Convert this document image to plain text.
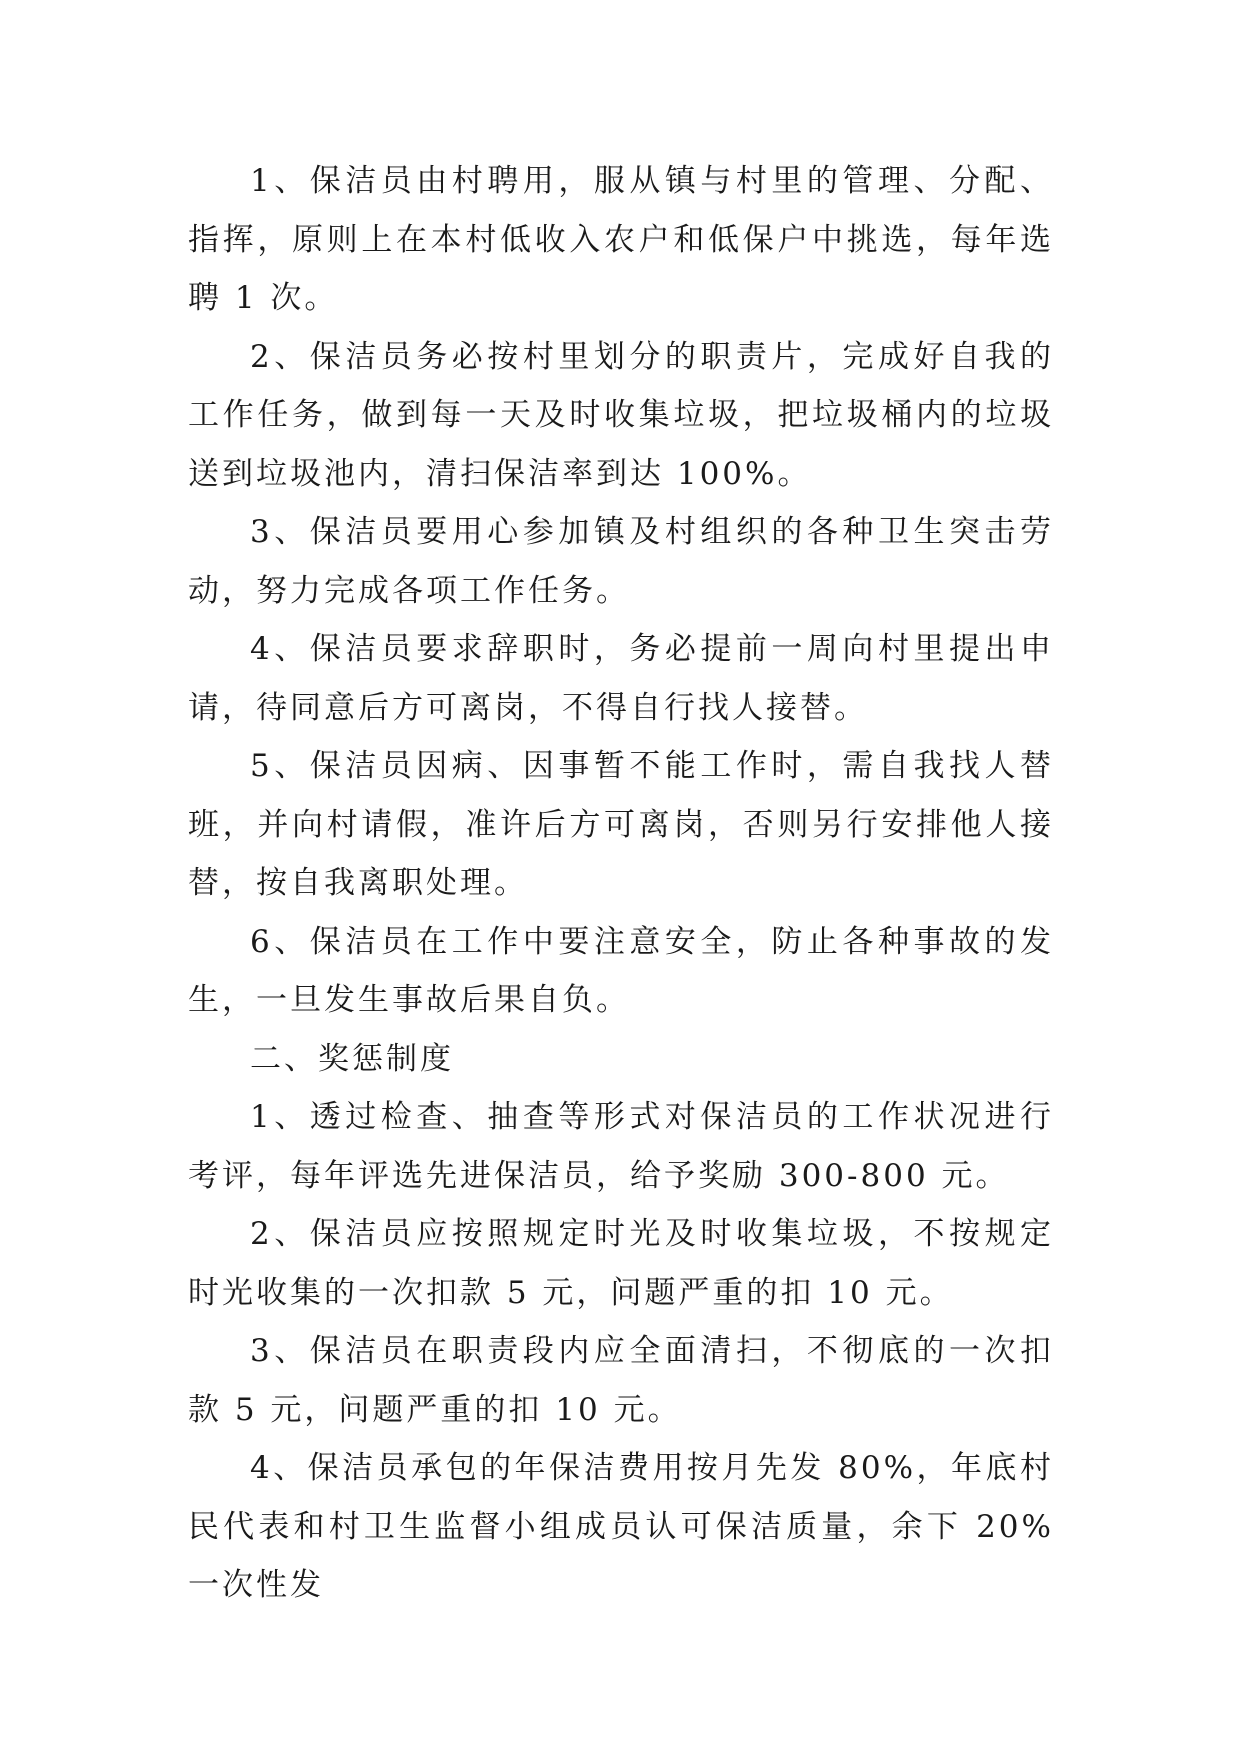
1、保洁员由村聘用，服从镇与村里的管理、分配、指挥，原则上在本村低收入农户和低保户中挑选，每年选聘 1 次。

2、保洁员务必按村里划分的职责片，完成好自我的工作任务，做到每一天及时收集垃圾，把垃圾桶内的垃圾送到垃圾池内，清扫保洁率到达 100%。

3、保洁员要用心参加镇及村组织的各种卫生突击劳动，努力完成各项工作任务。

4、保洁员要求辞职时，务必提前一周向村里提出申请，待同意后方可离岗，不得自行找人接替。

5、保洁员因病、因事暂不能工作时，需自我找人替班，并向村请假，准许后方可离岗，否则另行安排他人接替，按自我离职处理。

6、保洁员在工作中要注意安全，防止各种事故的发生，一旦发生事故后果自负。

二、奖惩制度

1、透过检查、抽查等形式对保洁员的工作状况进行考评，每年评选先进保洁员，给予奖励 300-800 元。

2、保洁员应按照规定时光及时收集垃圾，不按规定时光收集的一次扣款 5 元，问题严重的扣 10 元。

3、保洁员在职责段内应全面清扫，不彻底的一次扣款 5 元，问题严重的扣 10 元。

4、保洁员承包的年保洁费用按月先发 80%，年底村民代表和村卫生监督小组成员认可保洁质量，余下 20%一次性发
